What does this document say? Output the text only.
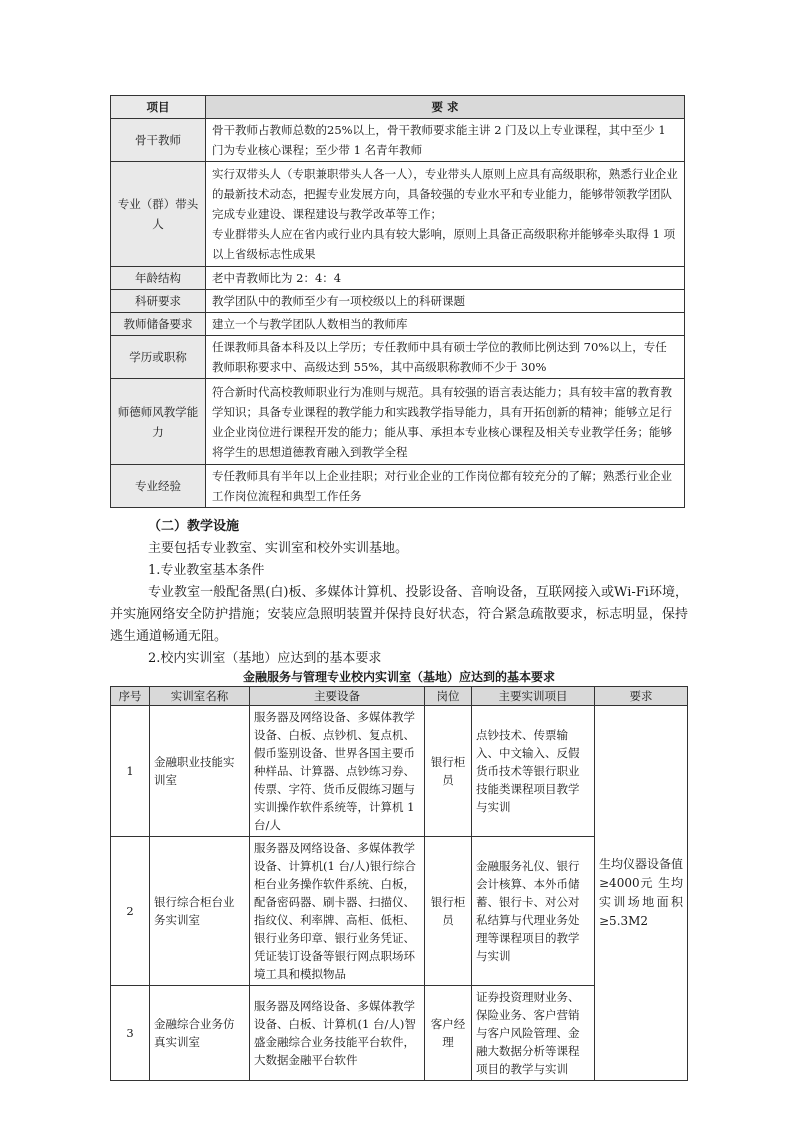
项目	要 求
骨干教师	骨干教师占教师总数的25%以上，骨干教师要求能主讲 2 门及以上专业课程，其中至少 1 门为专业核心课程；至少带 1 名青年教师
专业（群）带头人	实行双带头人（专职兼职带头人各一人），专业带头人原则上应具有高级职称，熟悉行业企业的最新技术动态，把握专业发展方向，具备较强的专业水平和专业能力，能够带领教学团队完成专业建设、课程建设与教学改革等工作；
专业群带头人应在省内或行业内具有较大影响，原则上具备正高级职称并能够牵头取得 1 项以上省级标志性成果

年龄结构	老中青教师比为 2：4：4
科研要求	教学团队中的教师至少有一项校级以上的科研课题
教师储备要求	建立一个与教学团队人数相当的教师库
学历或职称	任课教师具备本科及以上学历；专任教师中具有硕士学位的教师比例达到 70%以上，专任教师职称要求中、高级达到 55%，其中高级职称教师不少于 30%
师德师风教学能力	符合新时代高校教师职业行为准则与规范。具有较强的语言表达能力；具有较丰富的教育教学知识；具备专业课程的教学能力和实践教学指导能力，具有开拓创新的精神；能够立足行业企业岗位进行课程开发的能力；能从事、承担本专业核心课程及相关专业教学任务；能够将学生的思想道德教育融入到教学全程
专业经验	专任教师具有半年以上企业挂职；对行业企业的工作岗位都有较充分的了解；熟悉行业企业工作岗位流程和典型工作任务
（二）教学设施
主要包括专业教室、实训室和校外实训基地。
1.专业教室基本条件
专业教室一般配备黑(白)板、多媒体计算机、投影设备、音响设备，互联网接入或Wi-Fi环境，并实施网络安全防护措施；安装应急照明装置并保持良好状态，符合紧急疏散要求，标志明显，保持逃生通道畅通无阻。
2.校内实训室（基地）应达到的基本要求
金融服务与管理专业校内实训室（基地）应达到的基本要求
序号	实训室名称	主要设备	岗位	主要实训项目	要求
1	金融职业技能实训室	服务器及网络设备、多媒体教学设备、白板、点钞机、复点机、假币鉴别设备、世界各国主要币种样品、计算器、点钞练习券、传票、字符、货币反假练习题与实训操作软件系统等，计算机 1 台/人	银行柜员	点钞技术、传票输入、中文输入、反假货币技术等银行职业技能类课程项目教学与实训	生均仪器设备值≥4000元 生均实训场地面积≥5.3M2
2	银行综合柜台业务实训室	服务器及网络设备、多媒体教学设备、计算机(1 台/人)银行综合柜台业务操作软件系统、白板，配备密码器、刷卡器、扫描仪、指纹仪、利率牌、高柜、低柜、银行业务印章、银行业务凭证、凭证装订设备等银行网点职场环境工具和模拟物品	银行柜员	金融服务礼仪、银行会计核算、本外币储蓄、银行卡、对公对私结算与代理业务处理等课程项目的教学与实训	
3	金融综合业务仿真实训室	服务器及网络设备、多媒体教学设备、白板、计算机(1 台/人)智盛金融综合业务技能平台软件，大数据金融平台软件	客户经理	证券投资理财业务、保险业务、客户营销与客户风险管理、金融大数据分析等课程项目的教学与实训	
